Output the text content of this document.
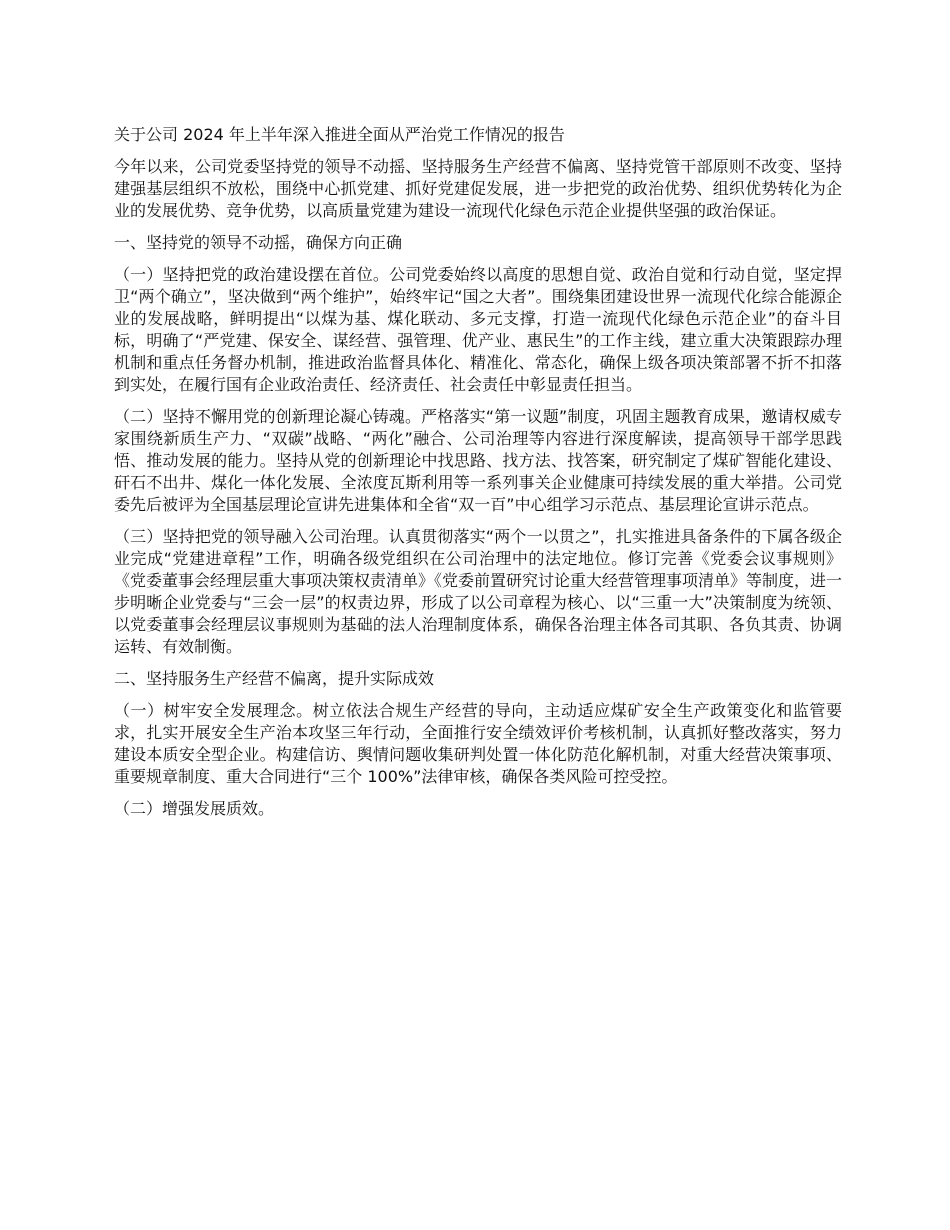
关于公司 2024 年上半年深入推进全面从严治党工作情况的报告

今年以来，公司党委坚持党的领导不动摇、坚持服务生产经营不偏离、坚持党管干部原则不改变、坚持建强基层组织不放松，围绕中心抓党建、抓好党建促发展，进一步把党的政治优势、组织优势转化为企业的发展优势、竞争优势，以高质量党建为建设一流现代化绿色示范企业提供坚强的政治保证。

一、坚持党的领导不动摇，确保方向正确

（一）坚持把党的政治建设摆在首位。公司党委始终以高度的思想自觉、政治自觉和行动自觉，坚定捍卫“两个确立”，坚决做到“两个维护”，始终牢记“国之大者”。围绕集团建设世界一流现代化综合能源企业的发展战略，鲜明提出“以煤为基、煤化联动、多元支撑，打造一流现代化绿色示范企业”的奋斗目标，明确了“严党建、保安全、谋经营、强管理、优产业、惠民生”的工作主线，建立重大决策跟踪办理机制和重点任务督办机制，推进政治监督具体化、精准化、常态化，确保上级各项决策部署不折不扣落到实处，在履行国有企业政治责任、经济责任、社会责任中彰显责任担当。

（二）坚持不懈用党的创新理论凝心铸魂。严格落实“第一议题”制度，巩固主题教育成果，邀请权威专家围绕新质生产力、“双碳”战略、“两化”融合、公司治理等内容进行深度解读，提高领导干部学思践悟、推动发展的能力。坚持从党的创新理论中找思路、找方法、找答案，研究制定了煤矿智能化建设、矸石不出井、煤化一体化发展、全浓度瓦斯利用等一系列事关企业健康可持续发展的重大举措。公司党委先后被评为全国基层理论宣讲先进集体和全省“双一百”中心组学习示范点、基层理论宣讲示范点。

（三）坚持把党的领导融入公司治理。认真贯彻落实“两个一以贯之”，扎实推进具备条件的下属各级企业完成“党建进章程”工作，明确各级党组织在公司治理中的法定地位。修订完善《党委会议事规则》《党委董事会经理层重大事项决策权责清单》《党委前置研究讨论重大经营管理事项清单》等制度，进一步明晰企业党委与“三会一层”的权责边界，形成了以公司章程为核心、以“三重一大”决策制度为统领、以党委董事会经理层议事规则为基础的法人治理制度体系，确保各治理主体各司其职、各负其责、协调运转、有效制衡。

二、坚持服务生产经营不偏离，提升实际成效

（一）树牢安全发展理念。树立依法合规生产经营的导向，主动适应煤矿安全生产政策变化和监管要求，扎实开展安全生产治本攻坚三年行动，全面推行安全绩效评价考核机制，认真抓好整改落实，努力建设本质安全型企业。构建信访、舆情问题收集研判处置一体化防范化解机制，对重大经营决策事项、重要规章制度、重大合同进行“三个 100%”法律审核，确保各类风险可控受控。

（二）增强发展质效。
